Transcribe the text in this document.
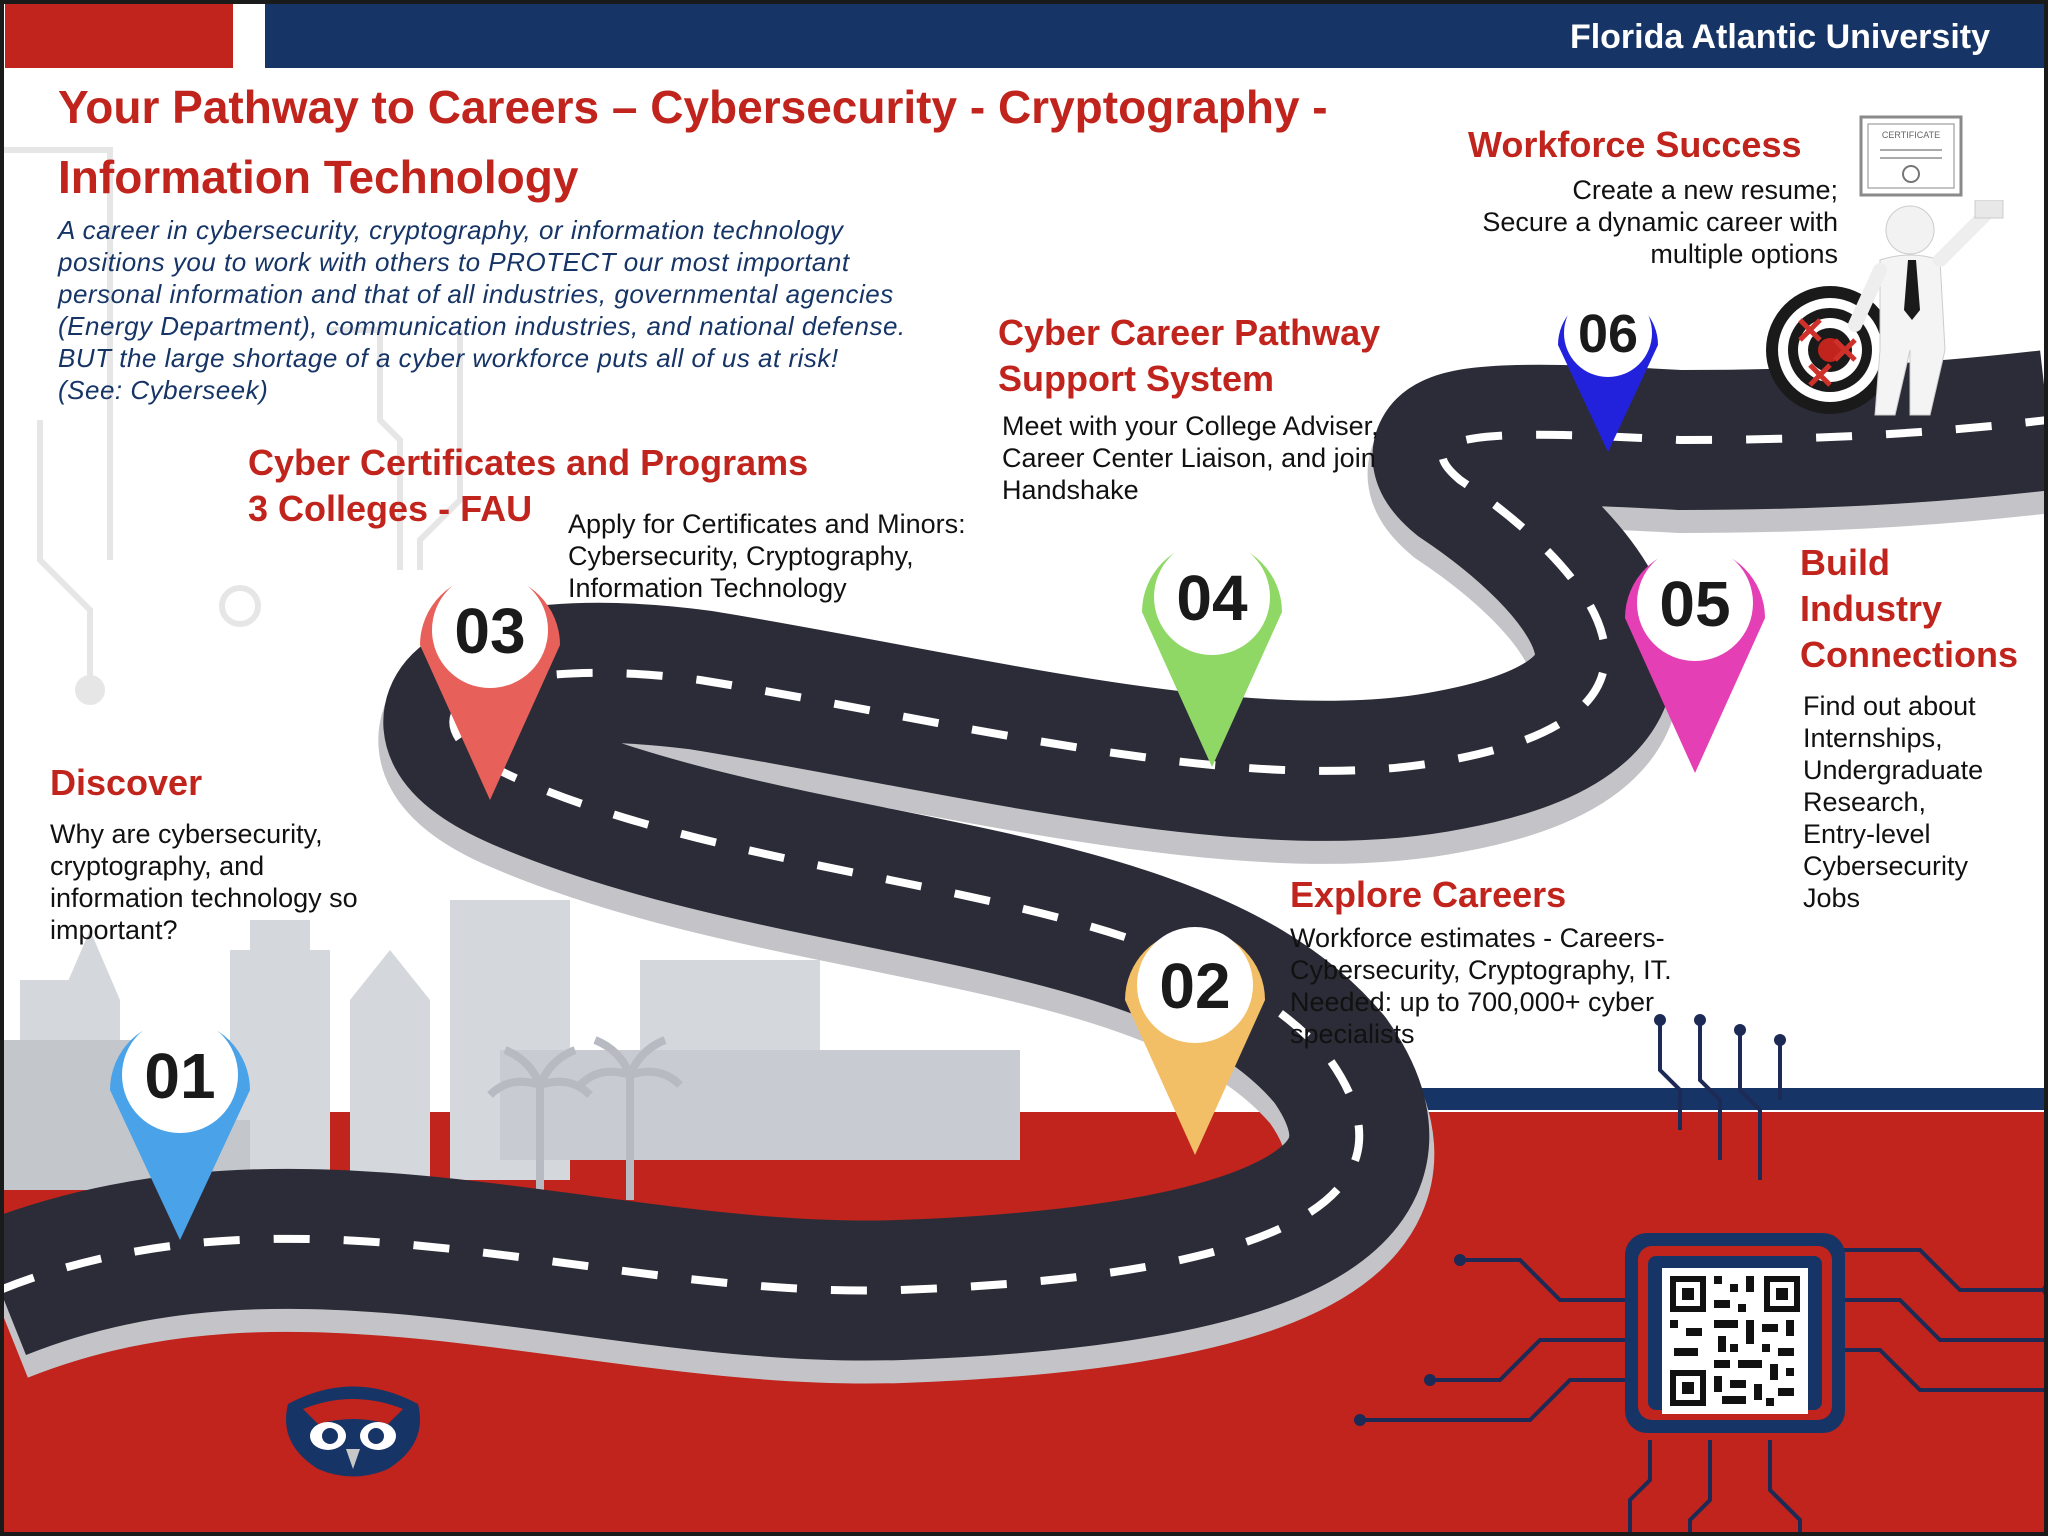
Florida Atlantic University
Your Pathway to Careers – Cybersecurity - Cryptography - Information Technology
A career in cybersecurity, cryptography, or information technology
positions you to work with others to PROTECT our most important
personal information and that of all industries, governmental agencies
(Energy Department), communication industries, and national defense.
BUT the large shortage of a cyber workforce puts all of us at risk!
(See: Cyberseek)
01
02
03	04	05
06
Discover
Why are cybersecurity, cryptography, and information technology so important?
Explore Careers
Workforce estimates - Careers-Cybersecurity, Cryptography, IT. Needed: up to 700,000+ cyber specialists
Cyber Certificates and Programs
3 Colleges - FAU	Apply for Certificates and Minors: Cybersecurity, Cryptography, Information Technology
Cyber Career Pathway
Support System
Meet with your College Adviser, Career Center Liaison, and join Handshake
Build
Industry
Connections
Find out about Internships, Undergraduate Research, Entry-level Cybersecurity Jobs
Workforce Success
Create a new resume;
Secure a dynamic career with
multiple options
CERTIFICATE
